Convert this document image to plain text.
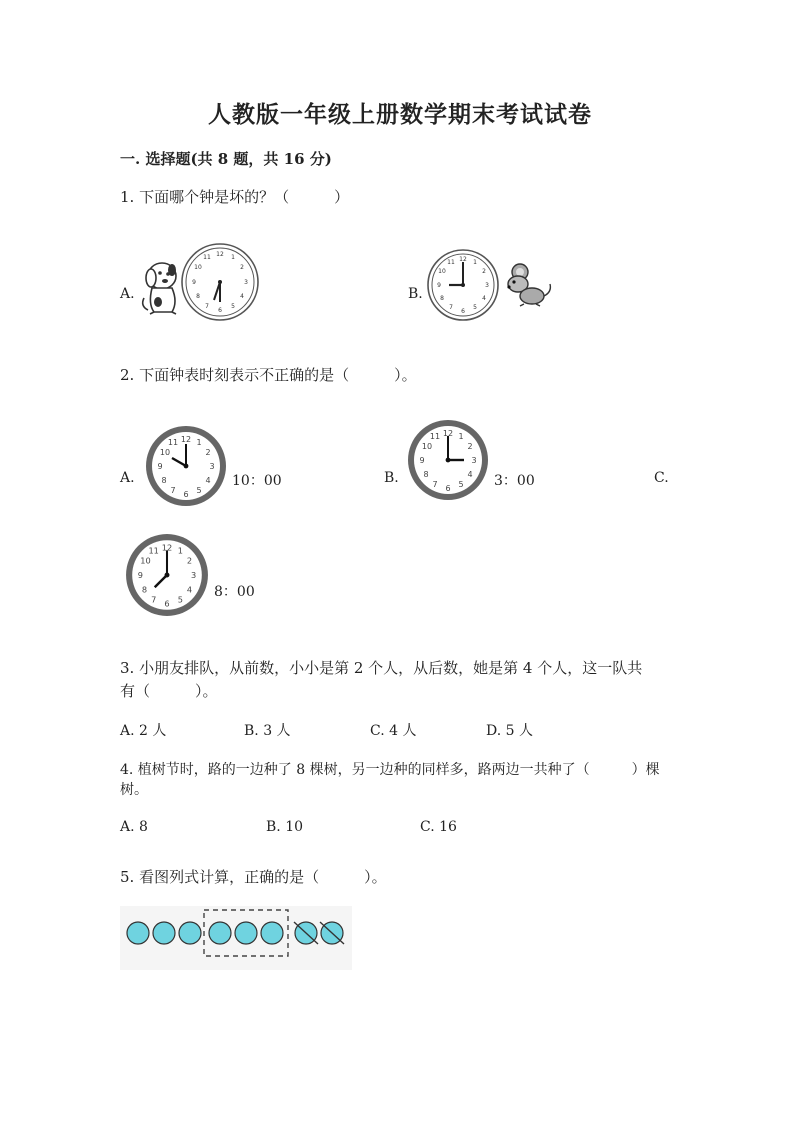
人教版一年级上册数学期末考试试卷
一. 选择题(共 8 题，共 16 分)
1. 下面哪个钟是坏的？（　　　）
A.
12 1
2
3
4
5
6
7
8
9
10
11
B.
12 1
2
3
4
5
6
7
8
9
10
11
2. 下面钟表时刻表示不正确的是（　　　）。
A.
12 1
2
3
4
5
6
7
8
9
10
11
10：00	B.
12 1
2
3
4
5
6
7
8
9
10
11
3：00	C.
12 1
2
3
4
5
6
7
8
9
10
11
8：00
3. 小朋友排队，从前数，小小是第 2 个人，从后数，她是第 4 个人，这一队共
有（　　　）。
A. 2 人	B. 3 人	C. 4 人	D. 5 人
4. 植树节时，路的一边种了 8 棵树，另一边种的同样多，路两边一共种了（　　　）棵
树。
A. 8	B. 10	C. 16
5. 看图列式计算，正确的是（　　　）。
